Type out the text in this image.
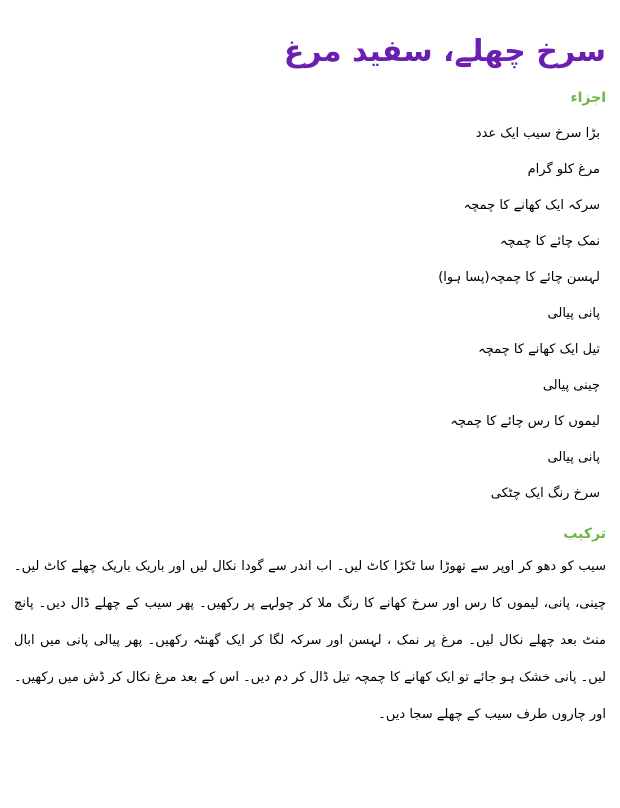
سرخ چھلے، سفید مرغ
اجزاء
بڑا سرخ سیب ایک عدد
مرغ کلو گرام
سرکہ ایک کھانے کا چمچہ
نمک چائے کا چمچہ
لہسن چائے کا چمچہ(پسا ہوا)
پانی پیالی
تیل ایک کھانے کا چمچہ
چینی پیالی
لیموں کا رس چائے کا چمچہ
پانی پیالی
سرخ رنگ ایک چٹکی
ترکیب

سیب کو دھو کر اوپر سے تھوڑا سا ٹکڑا کاٹ لیں۔ اب اندر سے گودا نکال لیں اور باریک باریک چھلے کاٹ لیں۔ چینی، پانی، لیموں کا رس اور سرخ کھانے کا رنگ ملا کر چولہے پر رکھیں۔ پھر سیب کے چھلے ڈال دیں۔ پانچ منٹ بعد چھلے نکال لیں۔ مرغ پر نمک ، لہسن اور سرکہ لگا کر ایک گھنٹہ رکھیں۔ پھر پیالی پانی میں ابال لیں۔ پانی خشک ہو جائے تو ایک کھانے کا چمچہ تیل ڈال کر دم دیں۔ اس کے بعد مرغ نکال کر ڈش میں رکھیں۔ اور چاروں طرف سیب کے چھلے سجا دیں۔
